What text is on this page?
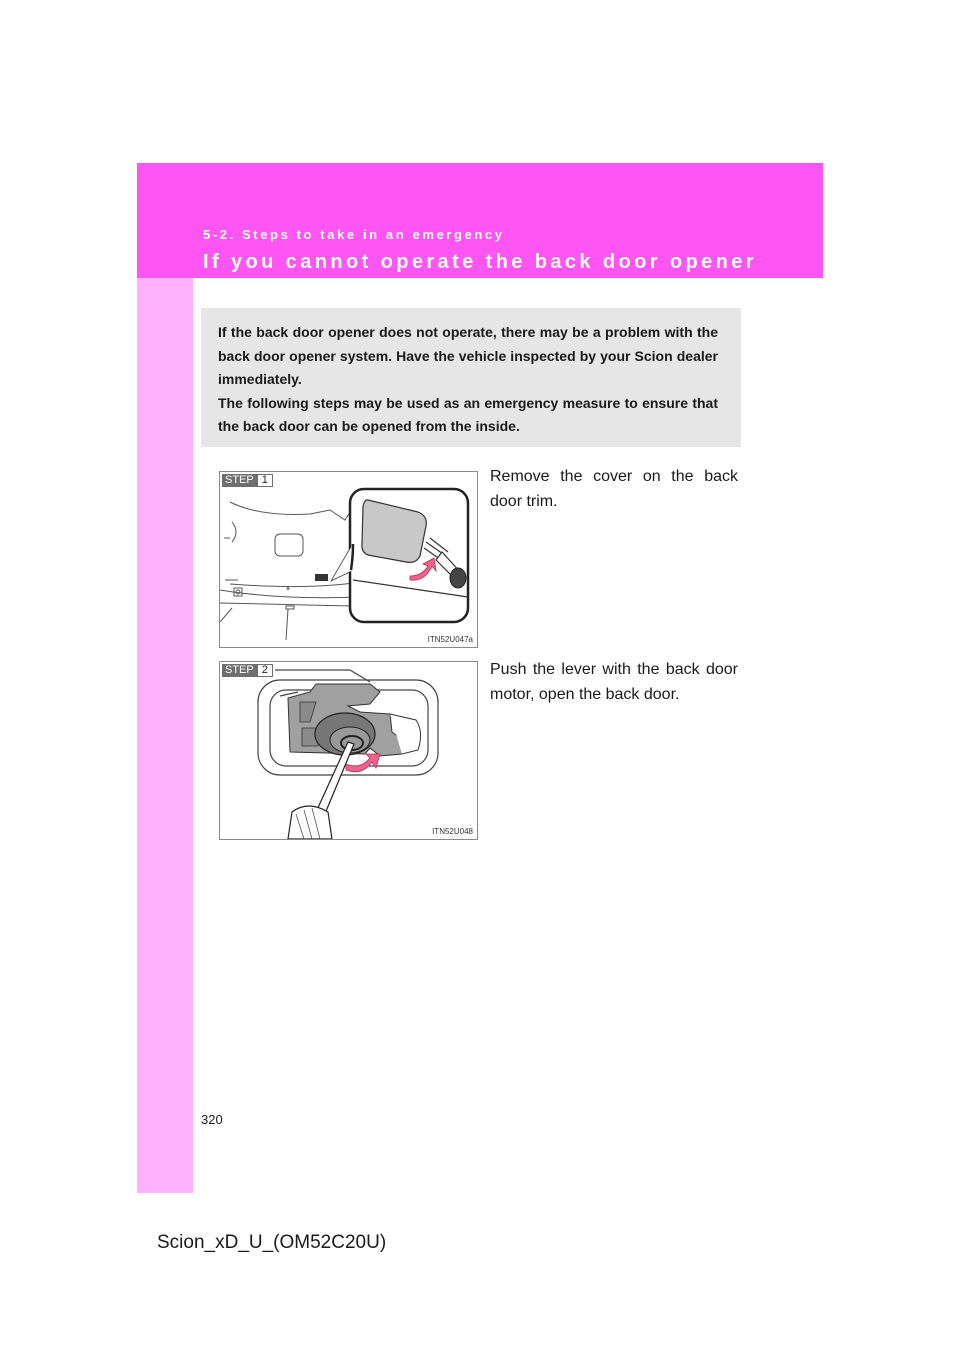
5-2. Steps to take in an emergency
If you cannot operate the back door opener

If the back door opener does not operate, there may be a problem with the back door opener system. Have the vehicle inspected by your Scion dealer immediately.

The following steps may be used as an emergency measure to ensure that the back door can be opened from the inside.

STEP 1
ITN52U047a
Remove the cover on the back door trim.
STEP 2
ITN52U048
Push the lever with the back door motor, open the back door.
320
Scion_xD_U_(OM52C20U)
